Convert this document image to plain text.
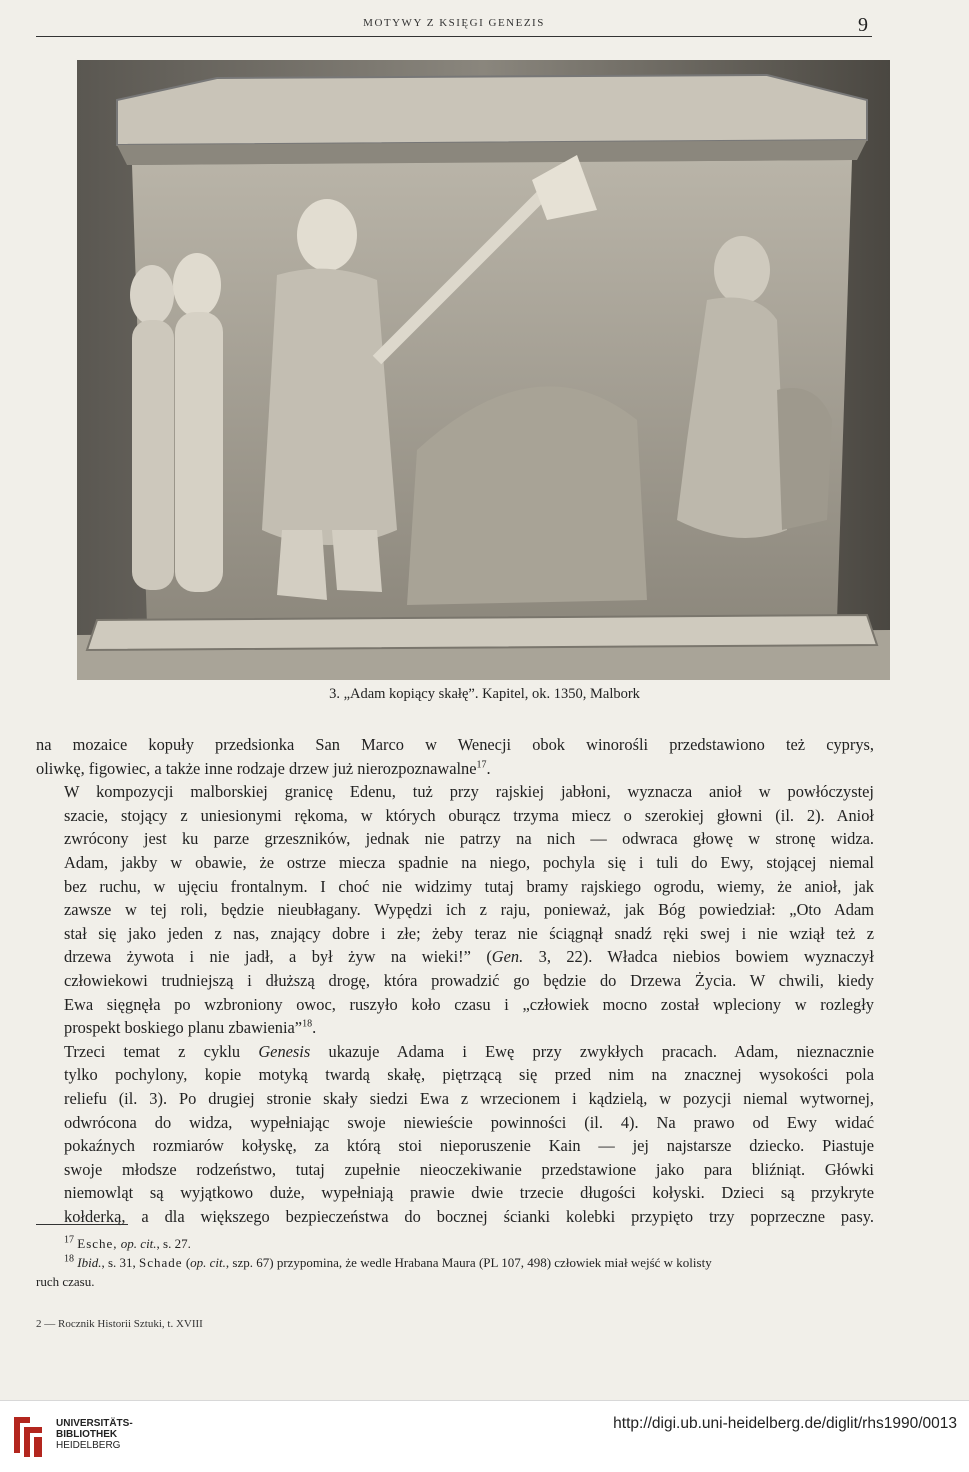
MOTYWY Z KSIĘGI GENEZIS	9
3. „Adam kopiący skałę”. Kapitel, ok. 1350, Malbork

na mozaice kopuły przedsionka San Marco w Wenecji obok winorośli przedstawiono też cyprys,
oliwkę, figowiec, a także inne rodzaje drzew już nierozpoznawalne$^{17}$.

W kompozycji malborskiej granicę Edenu, tuż przy rajskiej jabłoni, wyznacza anioł w powłóczystej
szacie, stojący z uniesionymi rękoma, w których oburącz trzyma miecz o szerokiej głowni (il. 2). Anioł
zwrócony jest ku parze grzeszników, jednak nie patrzy na nich — odwraca głowę w stronę widza.
Adam, jakby w obawie, że ostrze miecza spadnie na niego, pochyla się i tuli do Ewy, stojącej niemal
bez ruchu, w ujęciu frontalnym. I choć nie widzimy tutaj bramy rajskiego ogrodu, wiemy, że anioł, jak
zawsze w tej roli, będzie nieubłagany. Wypędzi ich z raju, ponieważ, jak Bóg powiedział: „Oto Adam
stał się jako jeden z nas, znający dobre i złe; żeby teraz nie ściągnął snadź ręki swej i nie wziął też z
drzewa żywota i nie jadł, a był żyw na wieki!” (Gen. 3, 22). Władca niebios bowiem wyznaczył
człowiekowi trudniejszą i dłuższą drogę, która prowadzić go będzie do Drzewa Życia. W chwili, kiedy
Ewa sięgnęła po wzbroniony owoc, ruszyło koło czasu i „człowiek mocno został wpleciony w rozległy
prospekt boskiego planu zbawienia”$^{18}$.

Trzeci temat z cyklu Genesis ukazuje Adama i Ewę przy zwykłych pracach. Adam, nieznacznie
tylko pochylony, kopie motyką twardą skałę, piętrzącą się przed nim na znacznej wysokości pola
reliefu (il. 3). Po drugiej stronie skały siedzi Ewa z wrzecionem i kądzielą, w pozycji niemal wytwornej,
odwrócona do widza, wypełniając swoje niewieście powinności (il. 4). Na prawo od Ewy widać
pokaźnych rozmiarów kołyskę, za którą stoi nieporuszenie Kain — jej najstarsze dziecko. Piastuje
swoje młodsze rodzeństwo, tutaj zupełnie nieoczekiwanie przedstawione jako para bliźniąt. Główki
niemowląt są wyjątkowo duże, wypełniają prawie dwie trzecie długości kołyski. Dzieci są przykryte
kołderką, a dla większego bezpieczeństwa do bocznej ścianki kolebki przypięto trzy poprzeczne pasy.

$^{17}$ Esche, op. cit., s. 27.
$^{18}$ Ibid., s. 31, Schade (op. cit., szp. 67) przypomina, że wedle Hrabana Maura (PL 107, 498) człowiek miał wejść w kolisty
ruch czasu.
2 — Rocznik Historii Sztuki, t. XVIII
UNIVERSITÄTS-
BIBLIOTHEK
HEIDELBERG
http://digi.ub.uni-heidelberg.de/diglit/rhs1990/0013
